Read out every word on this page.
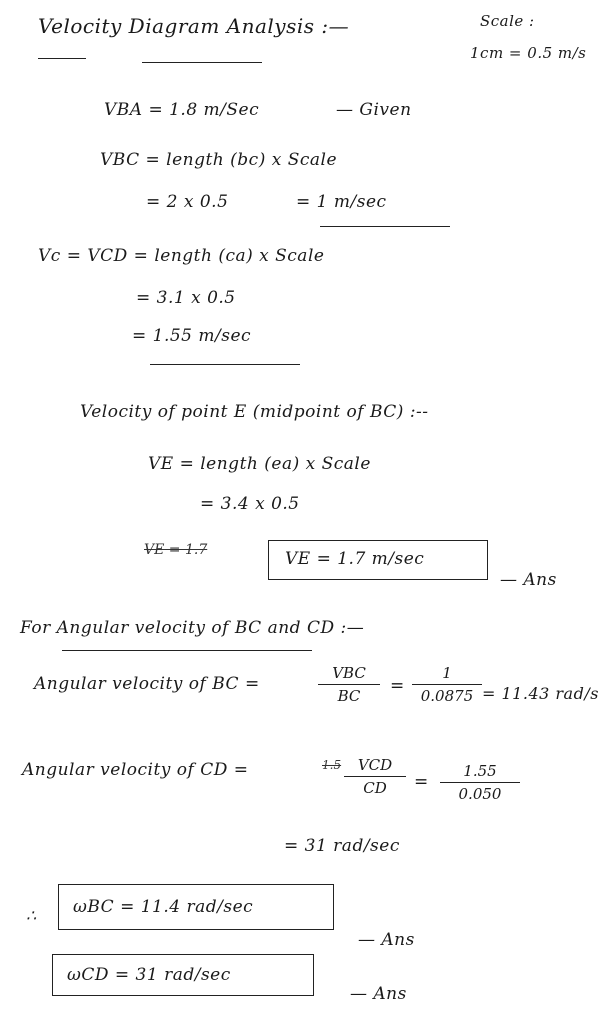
Velocity Diagram Analysis :—	Scale :
1cm = 0.5 m/s
VBA = 1.8 m/Sec	— Given
VBC = length (bc) x Scale
= 2 x 0.5	= 1 m/sec
Vc = VCD = length (ca) x Scale
= 3.1 x 0.5
= 1.55 m/sec
Velocity of point E (midpoint of BC) :--
VE = length (ea) x Scale
= 3.4 x 0.5
VE = 1.7	VE = 1.7 m/sec
— Ans
For Angular velocity of BC and CD :—
Angular velocity of BC =
VBC
BC	= $\frac{1}{0.0875} = 11.43$ rad/s
Angular velocity of CD =	1.5	VCD
CD	= $\frac{1.55}{0.050}$
= 31 rad/sec
∴ ωBC = 11.4 rad/sec
— Ans
ωCD = 31 rad/sec
— Ans
